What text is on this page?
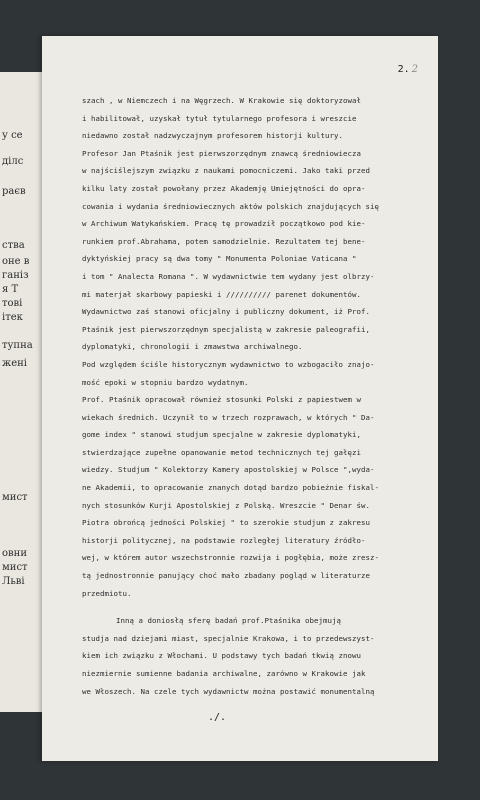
у се
ділс
раєв
ства
оне в
ганіз
я Т
тові
ітек
тупна
жені
мист
овни
мист
Льві
2. 2
szach , w Niemczech i na Węgrzech. W Krakowie się doktoryzował
i habilitował, uzyskał tytuł tytularnego profesora i wreszcie
niedawno został nadzwyczajnym profesorem historji kultury.
Profesor Jan Ptaśnik jest pierwszorzędnym znawcą średniowiecza
w najściślejszym związku z naukami pomocniczemi. Jako taki przed
kilku laty został powołany przez Akademję Umiejętności do opra-
cowania i wydania średniowiecznych aktów polskich znajdujących się
w Archiwum Watykańskiem. Pracę tę prowadził początkowo pod kie-
runkiem prof.Abrahama, potem samodzielnie. Rezultatem tej bene-
dyktyńskiej pracy są dwa tomy " Monumenta Poloniae Vaticana "
i tom " Analecta Romana ". W wydawnictwie tem wydany jest olbrzy-
mi materjał skarbowy papieski i ////////// parenet dokumentów.
Wydawnictwo zaś stanowi oficjalny i publiczny dokument, iż Prof.
Ptaśnik jest pierwszorzędnym specjalistą w zakresie paleografii,
dyplomatyki, chronologii i zmawstwa archiwalnego.
Pod względem ściśle historycznym wydawnictwo to wzbogaciło znajo-
mość epoki w stopniu bardzo wydatnym.
Prof. Ptaśnik opracował również stosunki Polski z papiestwem w
wiekach średnich. Uczynił to w trzech rozprawach, w których " Da-
gome index " stanowi studjum specjalne w zakresie dyplomatyki,
stwierdzające zupełne opanowanie metod technicznych tej gałęzi
wiedzy. Studjum " Kolektorzy Kamery apostolskiej w Polsce ",wyda-
ne Akademii, to opracowanie znanych dotąd bardzo pobieżnie fiskal-
nych stosunków Kurji Apostolskiej z Polską. Wreszcie " Denar św.
Piotra obrońcą jedności Polskiej " to szerokie studjum z zakresu
historji politycznej, na podstawie rozległej literatury źródło-
wej, w którem autor wszechstronnie rozwija i pogłębia, może zresz-
tą jednostronnie panujący choć mało zbadany pogląd w literaturze
przedmiotu.
Inną a doniosłą sferę badań prof.Ptaśnika obejmują
studja nad dziejami miast, specjalnie Krakowa, i to przedewszyst-
kiem ich związku z Włochami. U podstawy tych badań tkwią znowu
niezmiernie sumienne badania archiwalne, zarówno w Krakowie jak
we Włoszech. Na czele tych wydawnictw można postawić monumentalną
./.
